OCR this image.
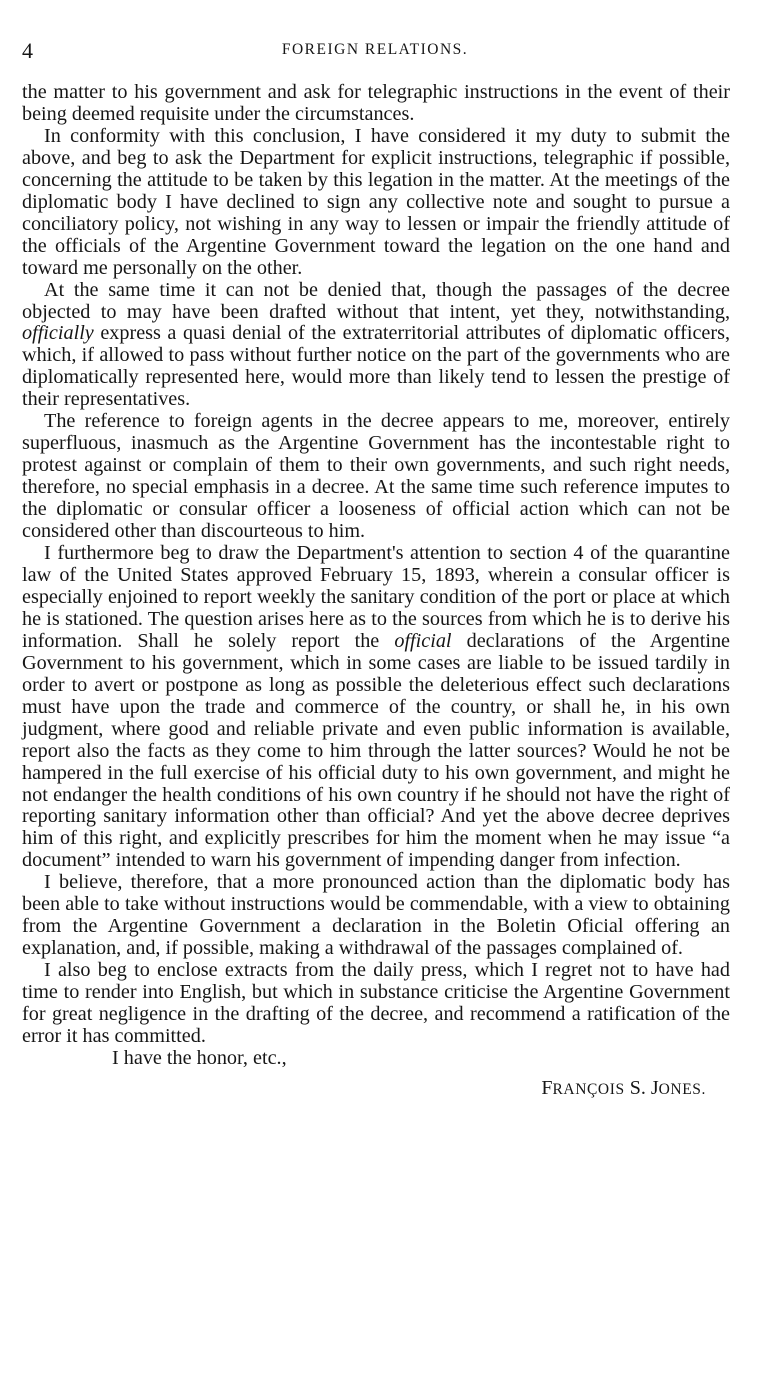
4	FOREIGN RELATIONS.

the matter to his government and ask for telegraphic instructions in the event of their being deemed requisite under the circumstances.

In conformity with this conclusion, I have considered it my duty to submit the above, and beg to ask the Department for explicit instructions, telegraphic if possible, concerning the attitude to be taken by this legation in the matter. At the meetings of the diplomatic body I have declined to sign any collective note and sought to pursue a conciliatory policy, not wishing in any way to lessen or impair the friendly attitude of the officials of the Argentine Government toward the legation on the one hand and toward me personally on the other.

At the same time it can not be denied that, though the passages of the decree objected to may have been drafted without that intent, yet they, notwithstanding, officially express a quasi denial of the extraterritorial attributes of diplomatic officers, which, if allowed to pass without further notice on the part of the governments who are diplomatically represented here, would more than likely tend to lessen the prestige of their representatives.

The reference to foreign agents in the decree appears to me, moreover, entirely superfluous, inasmuch as the Argentine Government has the incontestable right to protest against or complain of them to their own governments, and such right needs, therefore, no special emphasis in a decree. At the same time such reference imputes to the diplomatic or consular officer a looseness of official action which can not be considered other than discourteous to him.

I furthermore beg to draw the Department's attention to section 4 of the quarantine law of the United States approved February 15, 1893, wherein a consular officer is especially enjoined to report weekly the sanitary condition of the port or place at which he is stationed. The question arises here as to the sources from which he is to derive his information. Shall he solely report the official declarations of the Argentine Government to his government, which in some cases are liable to be issued tardily in order to avert or postpone as long as possible the deleterious effect such declarations must have upon the trade and commerce of the country, or shall he, in his own judgment, where good and reliable private and even public information is available, report also the facts as they come to him through the latter sources? Would he not be hampered in the full exercise of his official duty to his own government, and might he not endanger the health conditions of his own country if he should not have the right of reporting sanitary information other than official? And yet the above decree deprives him of this right, and explicitly prescribes for him the moment when he may issue “a document” intended to warn his government of impending danger from infection.

I believe, therefore, that a more pronounced action than the diplomatic body has been able to take without instructions would be commendable, with a view to obtaining from the Argentine Government a declaration in the Boletin Oficial offering an explanation, and, if possible, making a withdrawal of the passages complained of.

I also beg to enclose extracts from the daily press, which I regret not to have had time to render into English, but which in substance criticise the Argentine Government for great negligence in the drafting of the decree, and recommend a ratification of the error it has committed.

I have the honor, etc.,

FRANÇOIS S. JONES.
